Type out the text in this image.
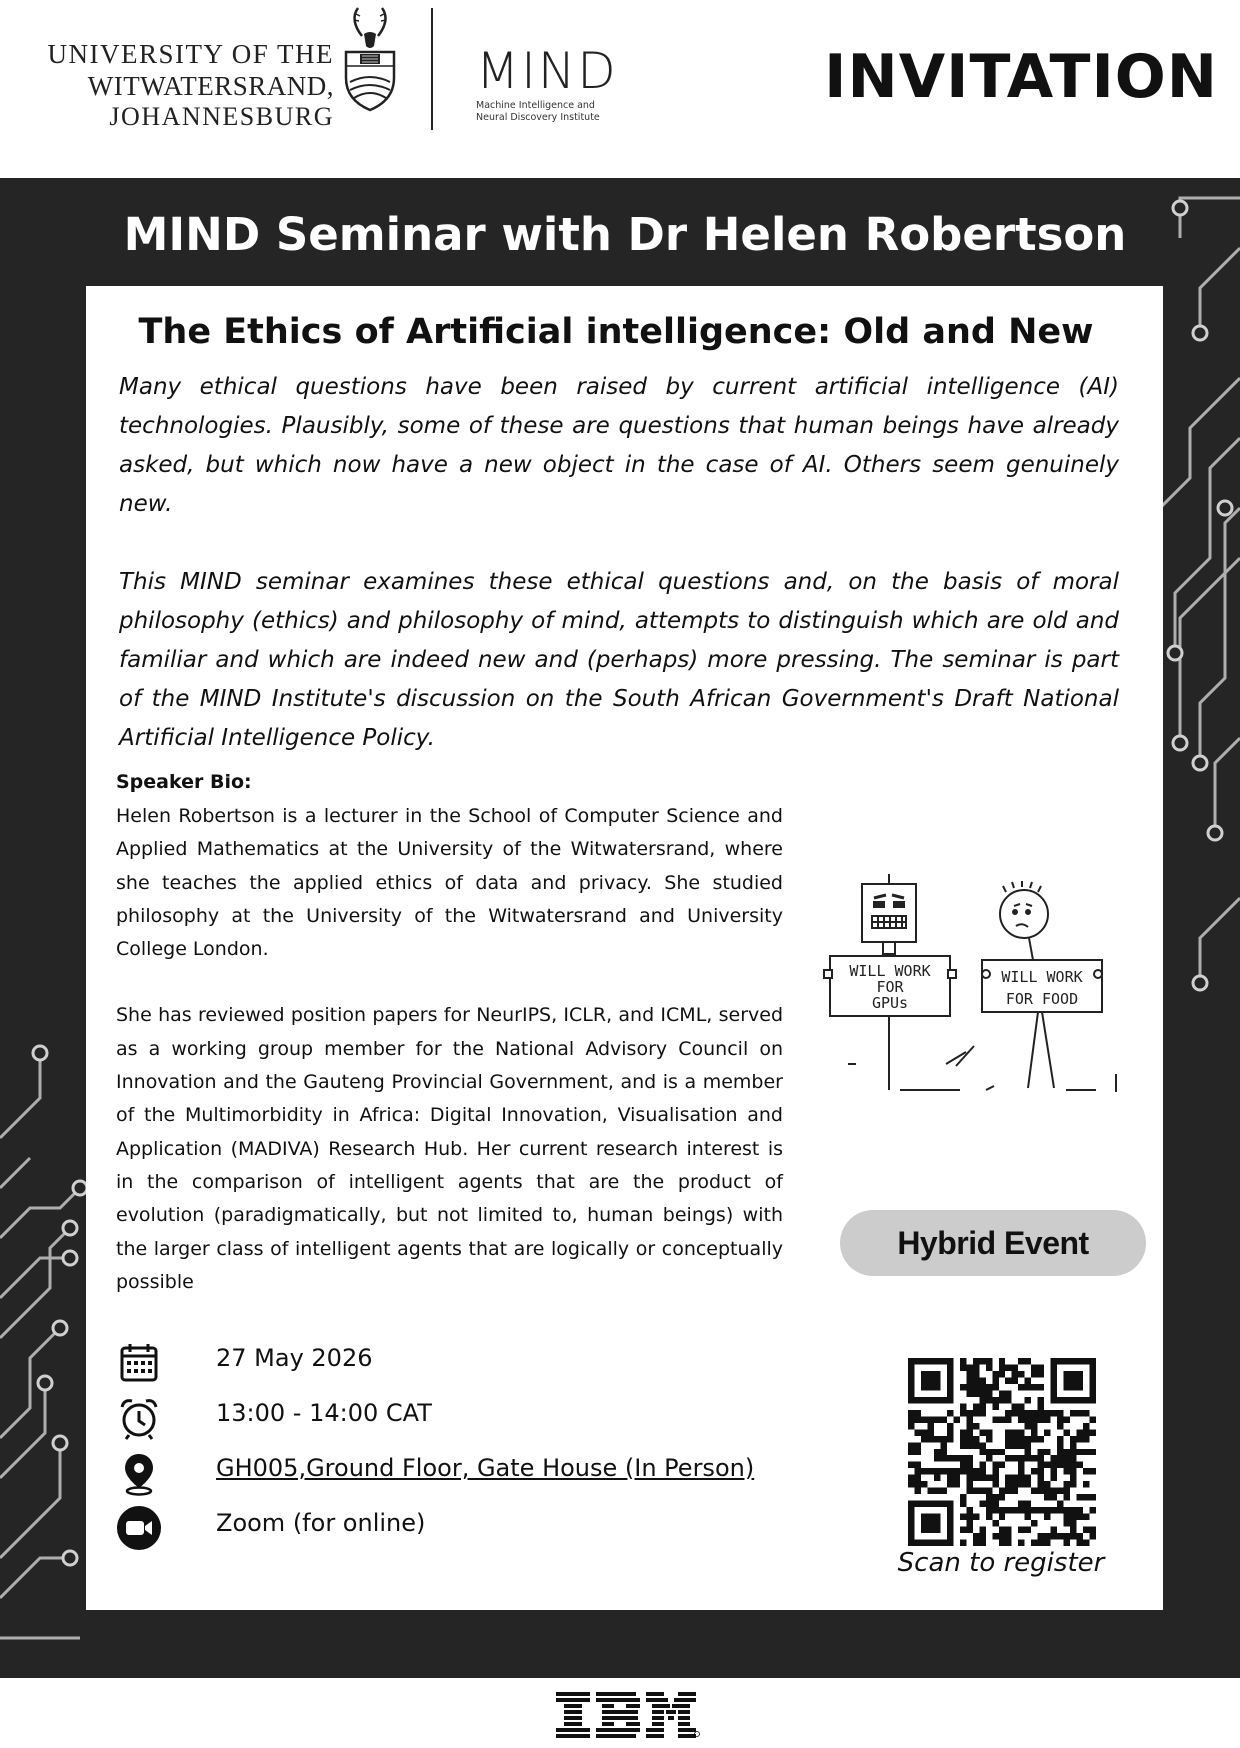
UNIVERSITY OF THE
WITWATERSRAND,
JOHANNESBURG
MIND
Machine Intelligence and
Neural Discovery Institute
INVITATION
MIND Seminar with Dr Helen Robertson
The Ethics of Artificial intelligence: Old and New

Many ethical questions have been raised by current artificial intelligence (AI) technologies. Plausibly, some of these are questions that human beings have already asked, but which now have a new object in the case of AI. Others seem genuinely new.

This MIND seminar examines these ethical questions and, on the basis of moral philosophy (ethics) and philosophy of mind, attempts to distinguish which are old and familiar and which are indeed new and (perhaps) more pressing. The seminar is part of the MIND Institute's discussion on the South African Government's Draft National Artificial Intelligence Policy.

Speaker Bio:

Helen Robertson is a lecturer in the School of Computer Science and Applied Mathematics at the University of the Witwatersrand, where she teaches the applied ethics of data and privacy. She studied philosophy at the University of the Witwatersrand and University College London.

She has reviewed position papers for NeurIPS, ICLR, and ICML, served as a working group member for the National Advisory Council on Innovation and the Gauteng Provincial Government, and is a member of the Multimorbidity in Africa: Digital Innovation, Visualisation and Application (MADIVA) Research Hub. Her current research interest is in the comparison of intelligent agents that are the product of evolution (paradigmatically, but not limited to, human beings) with the larger class of intelligent agents that are logically or conceptually possible

WILL WORK
FOR
GPUs
WILL WORK
FOR FOOD
Hybrid Event
27 May 2026
13:00 - 14:00 CAT
GH005,Ground Floor, Gate House (In Person)
Zoom (for online)
Scan to register
